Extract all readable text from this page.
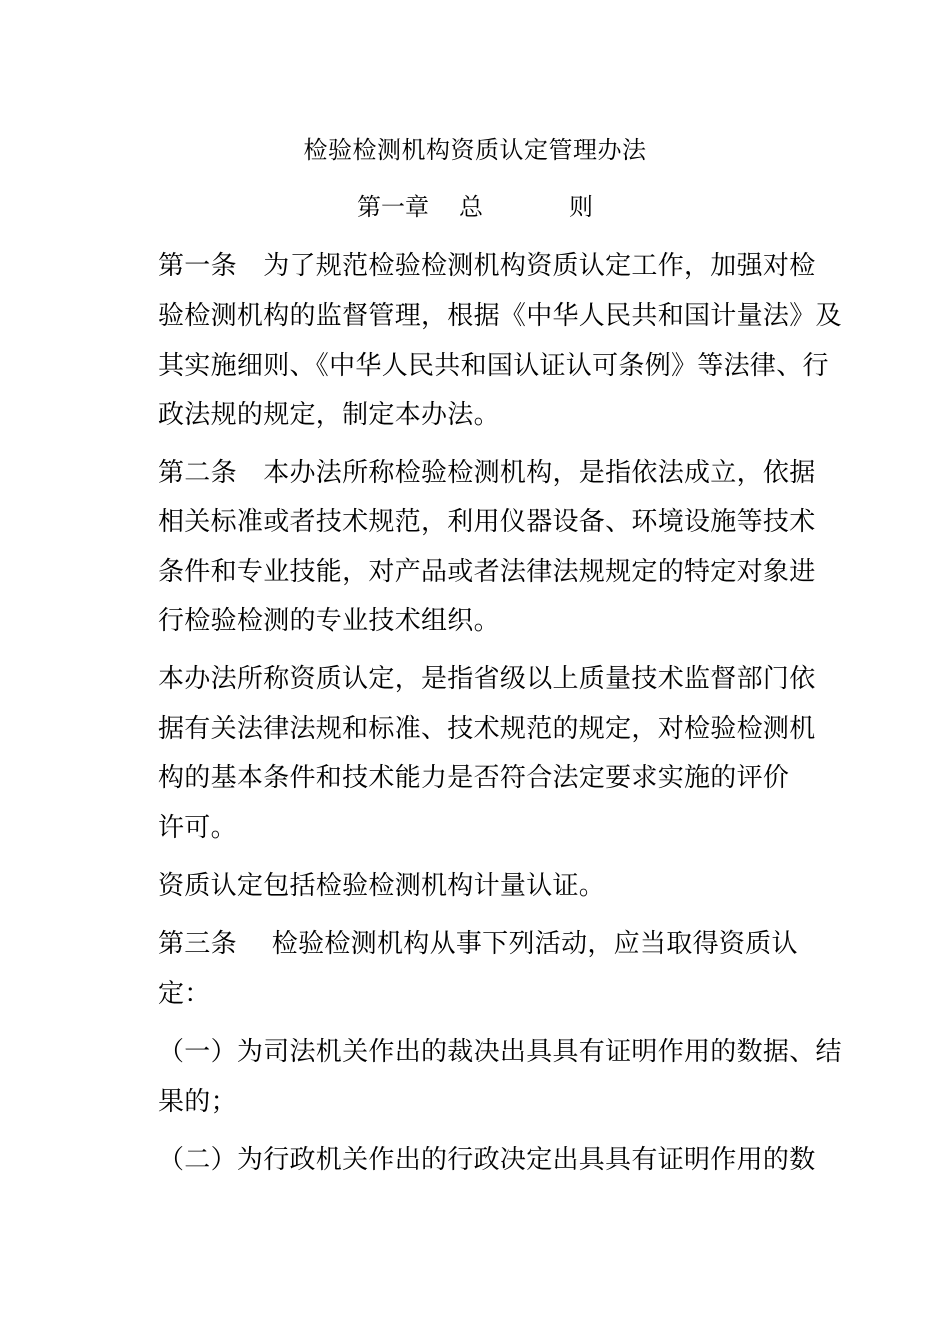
检验检测机构资质认定管理办法
第一章 总	则
第一条　为了规范检验检测机构资质认定工作，加强对检
验检测机构的监督管理，根据《中华人民共和国计量法》及
其实施细则、《中华人民共和国认证认可条例》等法律、行
政法规的规定，制定本办法。
第二条　本办法所称检验检测机构，是指依法成立，依据
相关标准或者技术规范，利用仪器设备、环境设施等技术
条件和专业技能，对产品或者法律法规规定的特定对象进
行检验检测的专业技术组织。
本办法所称资质认定，是指省级以上质量技术监督部门依
据有关法律法规和标准、技术规范的规定，对检验检测机
构的基本条件和技术能力是否符合法定要求实施的评价
许可。
资质认定包括检验检测机构计量认证。
第三条　 检验检测机构从事下列活动，应当取得资质认
定：
（一）为司法机关作出的裁决出具具有证明作用的数据、结
果的；
（二）为行政机关作出的行政决定出具具有证明作用的数
